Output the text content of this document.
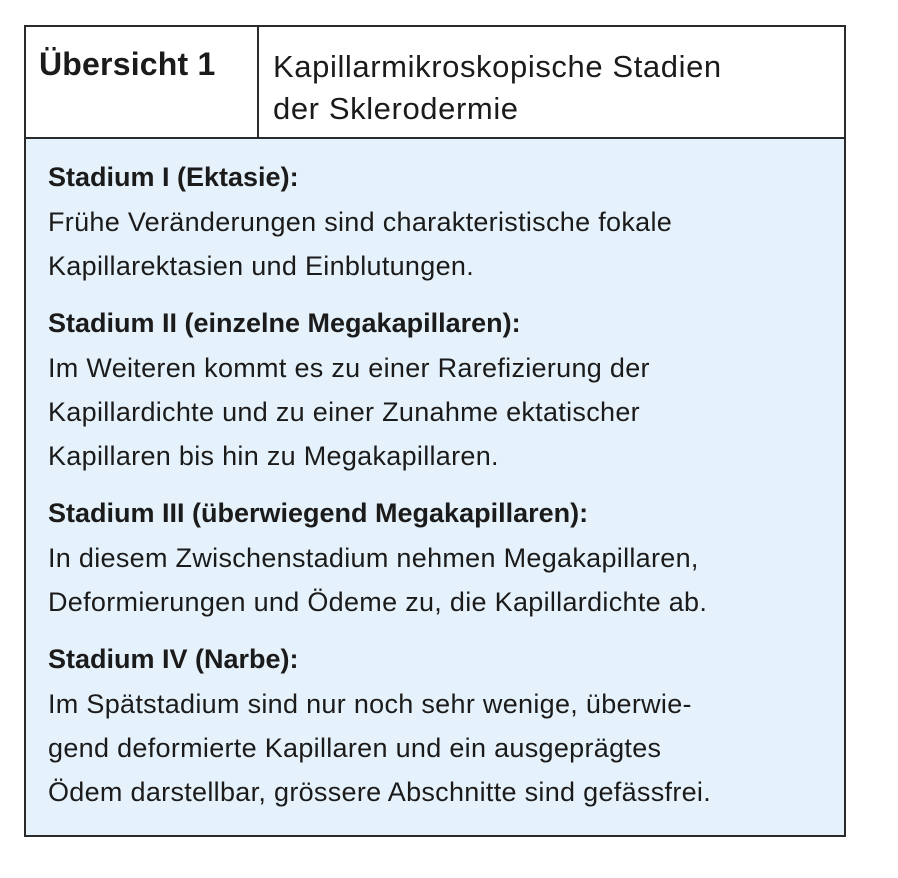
Übersicht 1	Kapillarmikroskopische Stadien
der Sklerodermie
Stadium I (Ektasie):
Frühe Veränderungen sind charakteristische fokale
Kapillarektasien und Einblutungen.
Stadium II (einzelne Megakapillaren):
Im Weiteren kommt es zu einer Rarefizierung der
Kapillardichte und zu einer Zunahme ektatischer
Kapillaren bis hin zu Megakapillaren.
Stadium III (überwiegend Megakapillaren):
In diesem Zwischenstadium nehmen Megakapillaren,
Deformierungen und Ödeme zu, die Kapillardichte ab.
Stadium IV (Narbe):
Im Spätstadium sind nur noch sehr wenige, überwie-
gend deformierte Kapillaren und ein ausgeprägtes
Ödem darstellbar, grössere Abschnitte sind gefässfrei.
